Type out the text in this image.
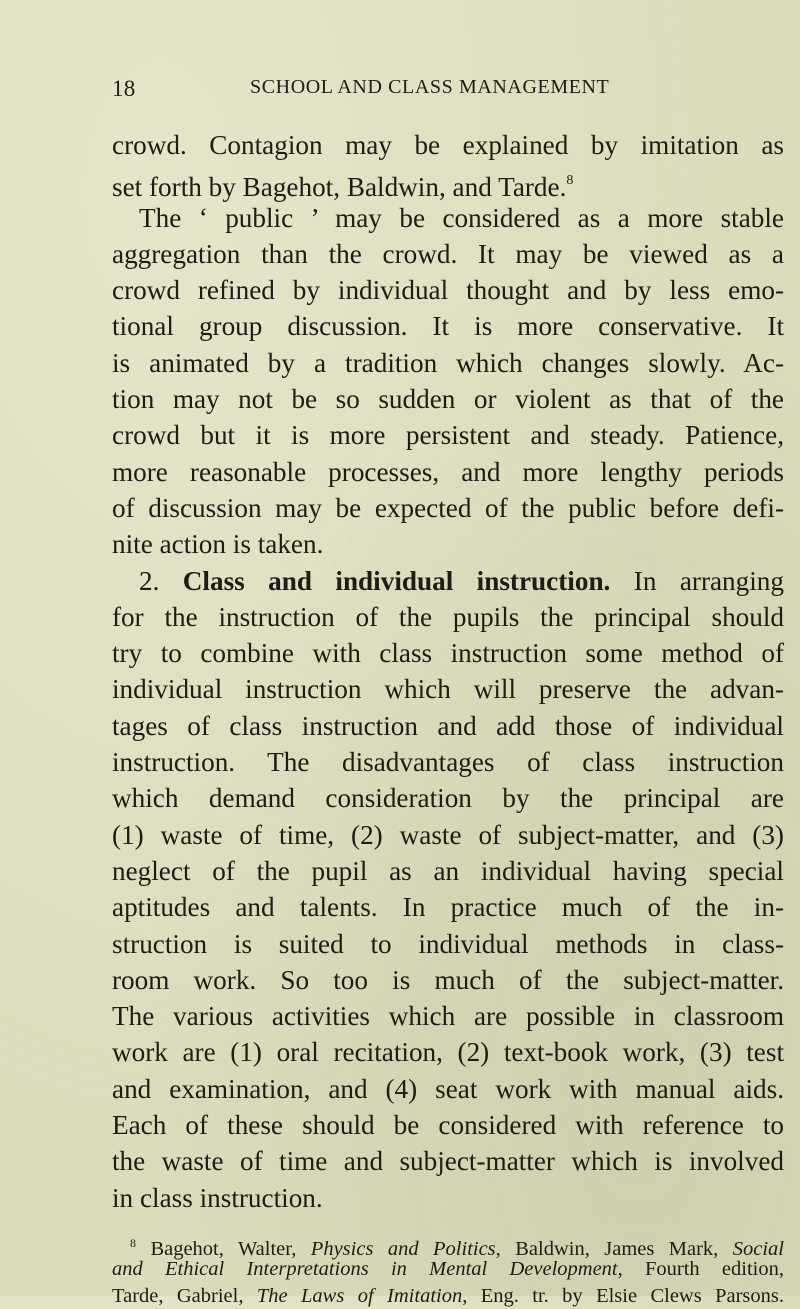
18	SCHOOL AND CLASS MANAGEMENT
crowd. Contagion may be explained by imitation as
set forth by Bagehot, Baldwin, and Tarde.$^8$
The ‘ public ’ may be considered as a more stable
aggregation than the crowd. It may be viewed as a
crowd refined by individual thought and by less emo-
tional group discussion. It is more conservative. It
is animated by a tradition which changes slowly. Ac-
tion may not be so sudden or violent as that of the
crowd but it is more persistent and steady. Patience,
more reasonable processes, and more lengthy periods
of discussion may be expected of the public before defi-
nite action is taken.
2. Class and individual instruction. In arranging
for the instruction of the pupils the principal should
try to combine with class instruction some method of
individual instruction which will preserve the advan-
tages of class instruction and add those of individual
instruction. The disadvantages of class instruction
which demand consideration by the principal are
(1) waste of time, (2) waste of subject-matter, and (3)
neglect of the pupil as an individual having special
aptitudes and talents. In practice much of the in-
struction is suited to individual methods in class-
room work. So too is much of the subject-matter.
The various activities which are possible in classroom
work are (1) oral recitation, (2) text-book work, (3) test
and examination, and (4) seat work with manual aids.
Each of these should be considered with reference to
the waste of time and subject-matter which is involved
in class instruction.
$^8$ Bagehot, Walter, Physics and Politics, Baldwin, James Mark, Social
and Ethical Interpretations in Mental Development, Fourth edition,
Tarde, Gabriel, The Laws of Imitation, Eng. tr. by Elsie Clews Parsons.
